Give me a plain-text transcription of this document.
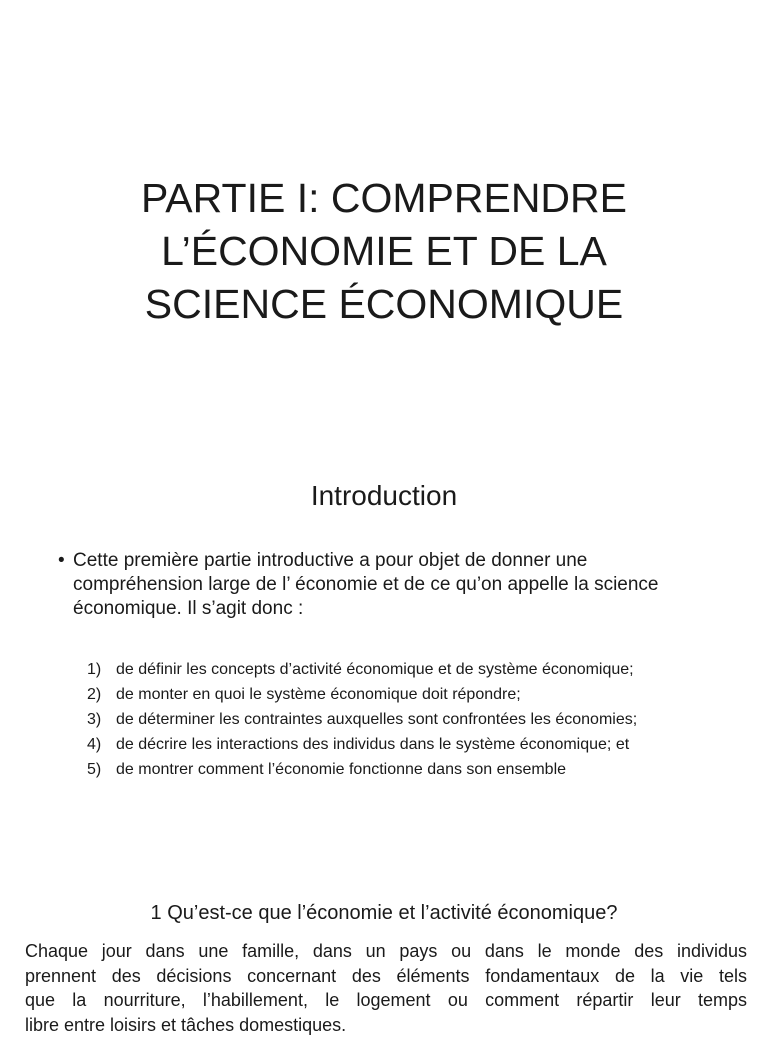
PARTIE I: COMPRENDRE
L’ÉCONOMIE ET DE LA
SCIENCE ÉCONOMIQUE
Introduction
• Cette première partie introductive a pour objet de donner une
compréhension large de l’ économie et de ce qu’on appelle la science
économique. Il s’agit donc :
1) de définir les concepts d’activité économique et de système économique;
2) de monter en quoi le système économique doit répondre;
3) de déterminer les contraintes auxquelles sont confrontées les économies;
4) de décrire les interactions des individus dans le système économique; et
5) de montrer comment l’économie fonctionne dans son ensemble
1 Qu’est-ce que l’économie et l’activité économique?
Chaque jour dans une famille, dans un pays ou dans le monde des individus
prennent des décisions concernant des éléments fondamentaux de la vie tels
que la nourriture, l’habillement, le logement ou comment répartir leur temps
libre entre loisirs et tâches domestiques.
